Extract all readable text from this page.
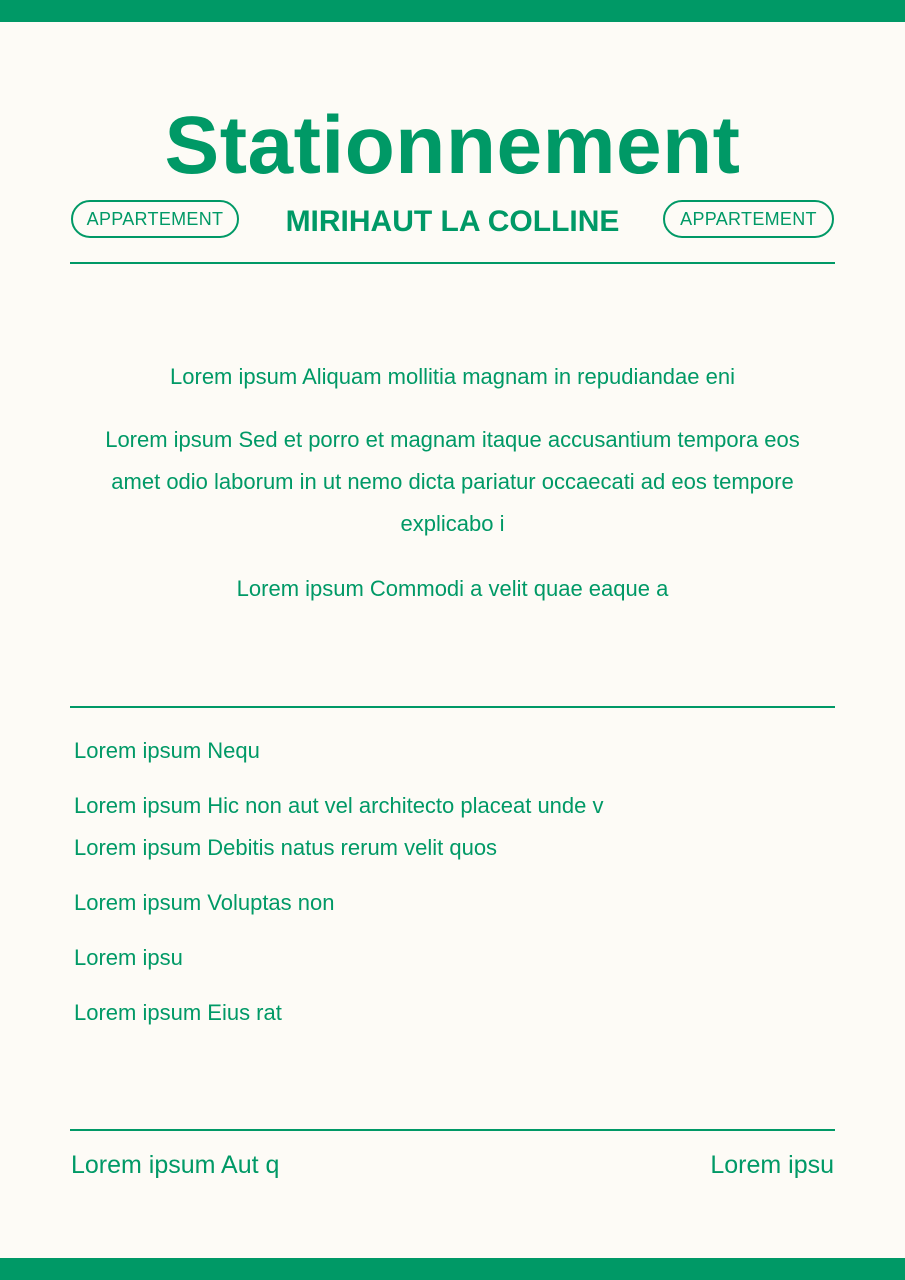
Stationnement
APPARTEMENT	MIRIHAUT LA COLLINE	APPARTEMENT
Lorem ipsum Aliquam mollitia magnam in repudiandae eni
Lorem ipsum Sed et porro et magnam itaque accusantium tempora eos amet odio laborum in ut nemo dicta pariatur occaecati ad eos tempore explicabo i
Lorem ipsum Commodi a velit quae eaque a
Lorem ipsum Nequ
Lorem ipsum Hic non aut vel architecto placeat unde v
Lorem ipsum Debitis natus rerum velit quos
Lorem ipsum Voluptas non
Lorem ipsu
Lorem ipsum Eius rat
Lorem ipsum Aut q	Lorem ipsu
